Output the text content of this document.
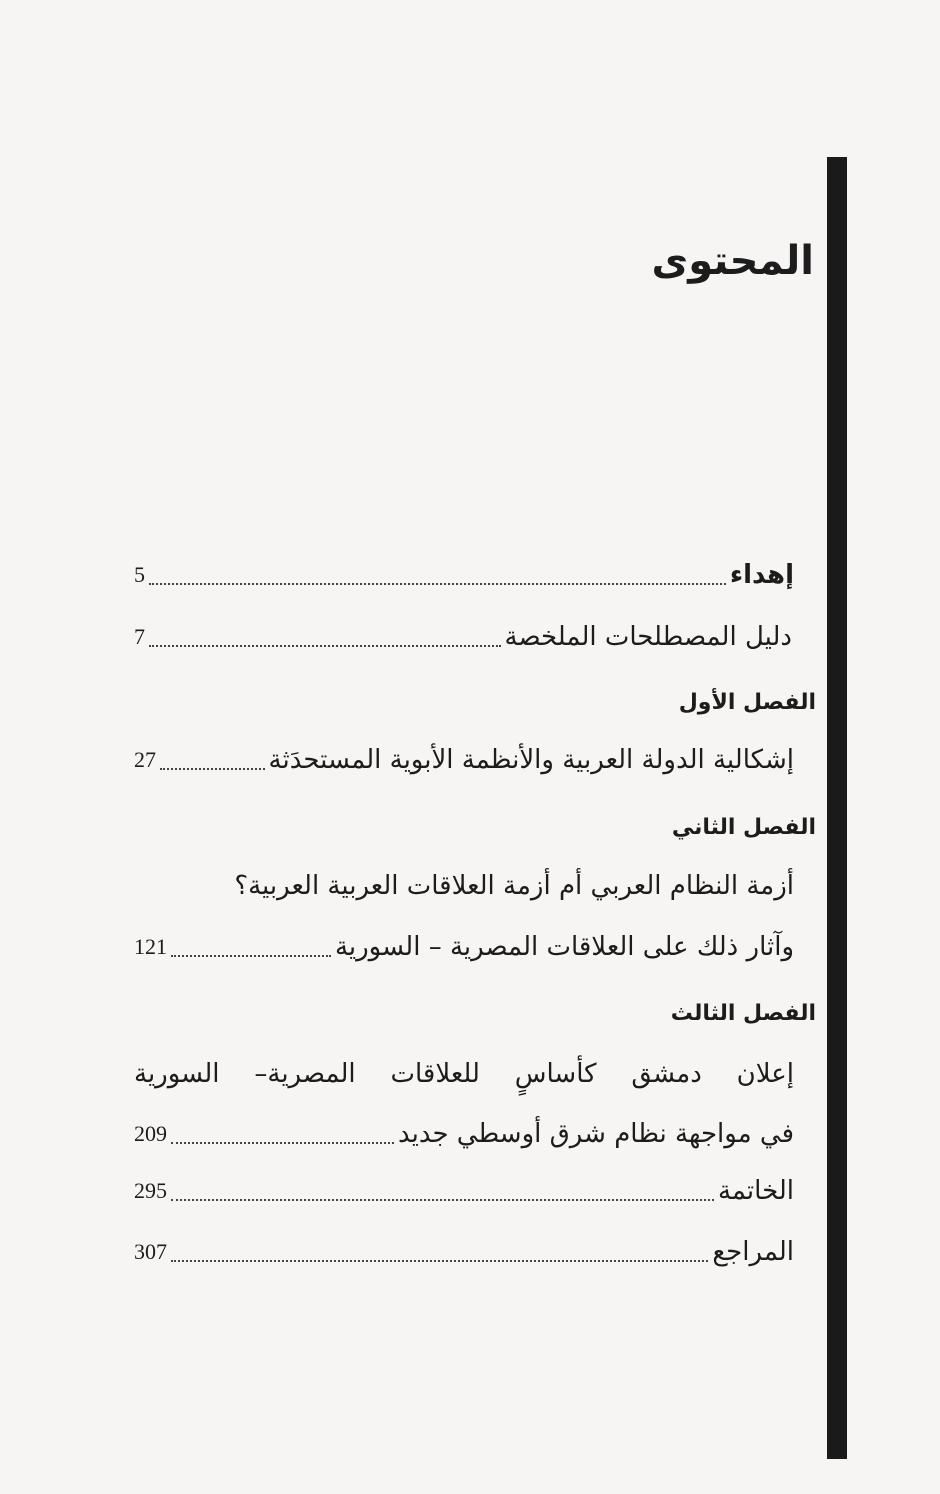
المحتوى
إهداء
5
دليل المصطلحات الملخصة
7
الفصل الأول
إشكالية الدولة العربية والأنظمة الأبوية المستحدَثة
27
الفصل الثاني
أزمة النظام العربي أم أزمة العلاقات العربية العربية؟
وآثار ذلك على العلاقات المصرية – السورية
121
الفصل الثالث
إعلان دمشق كأساسٍ للعلاقات المصرية– السورية
في مواجهة نظام شرق أوسطي جديد
209
الخاتمة
295
المراجع
307
